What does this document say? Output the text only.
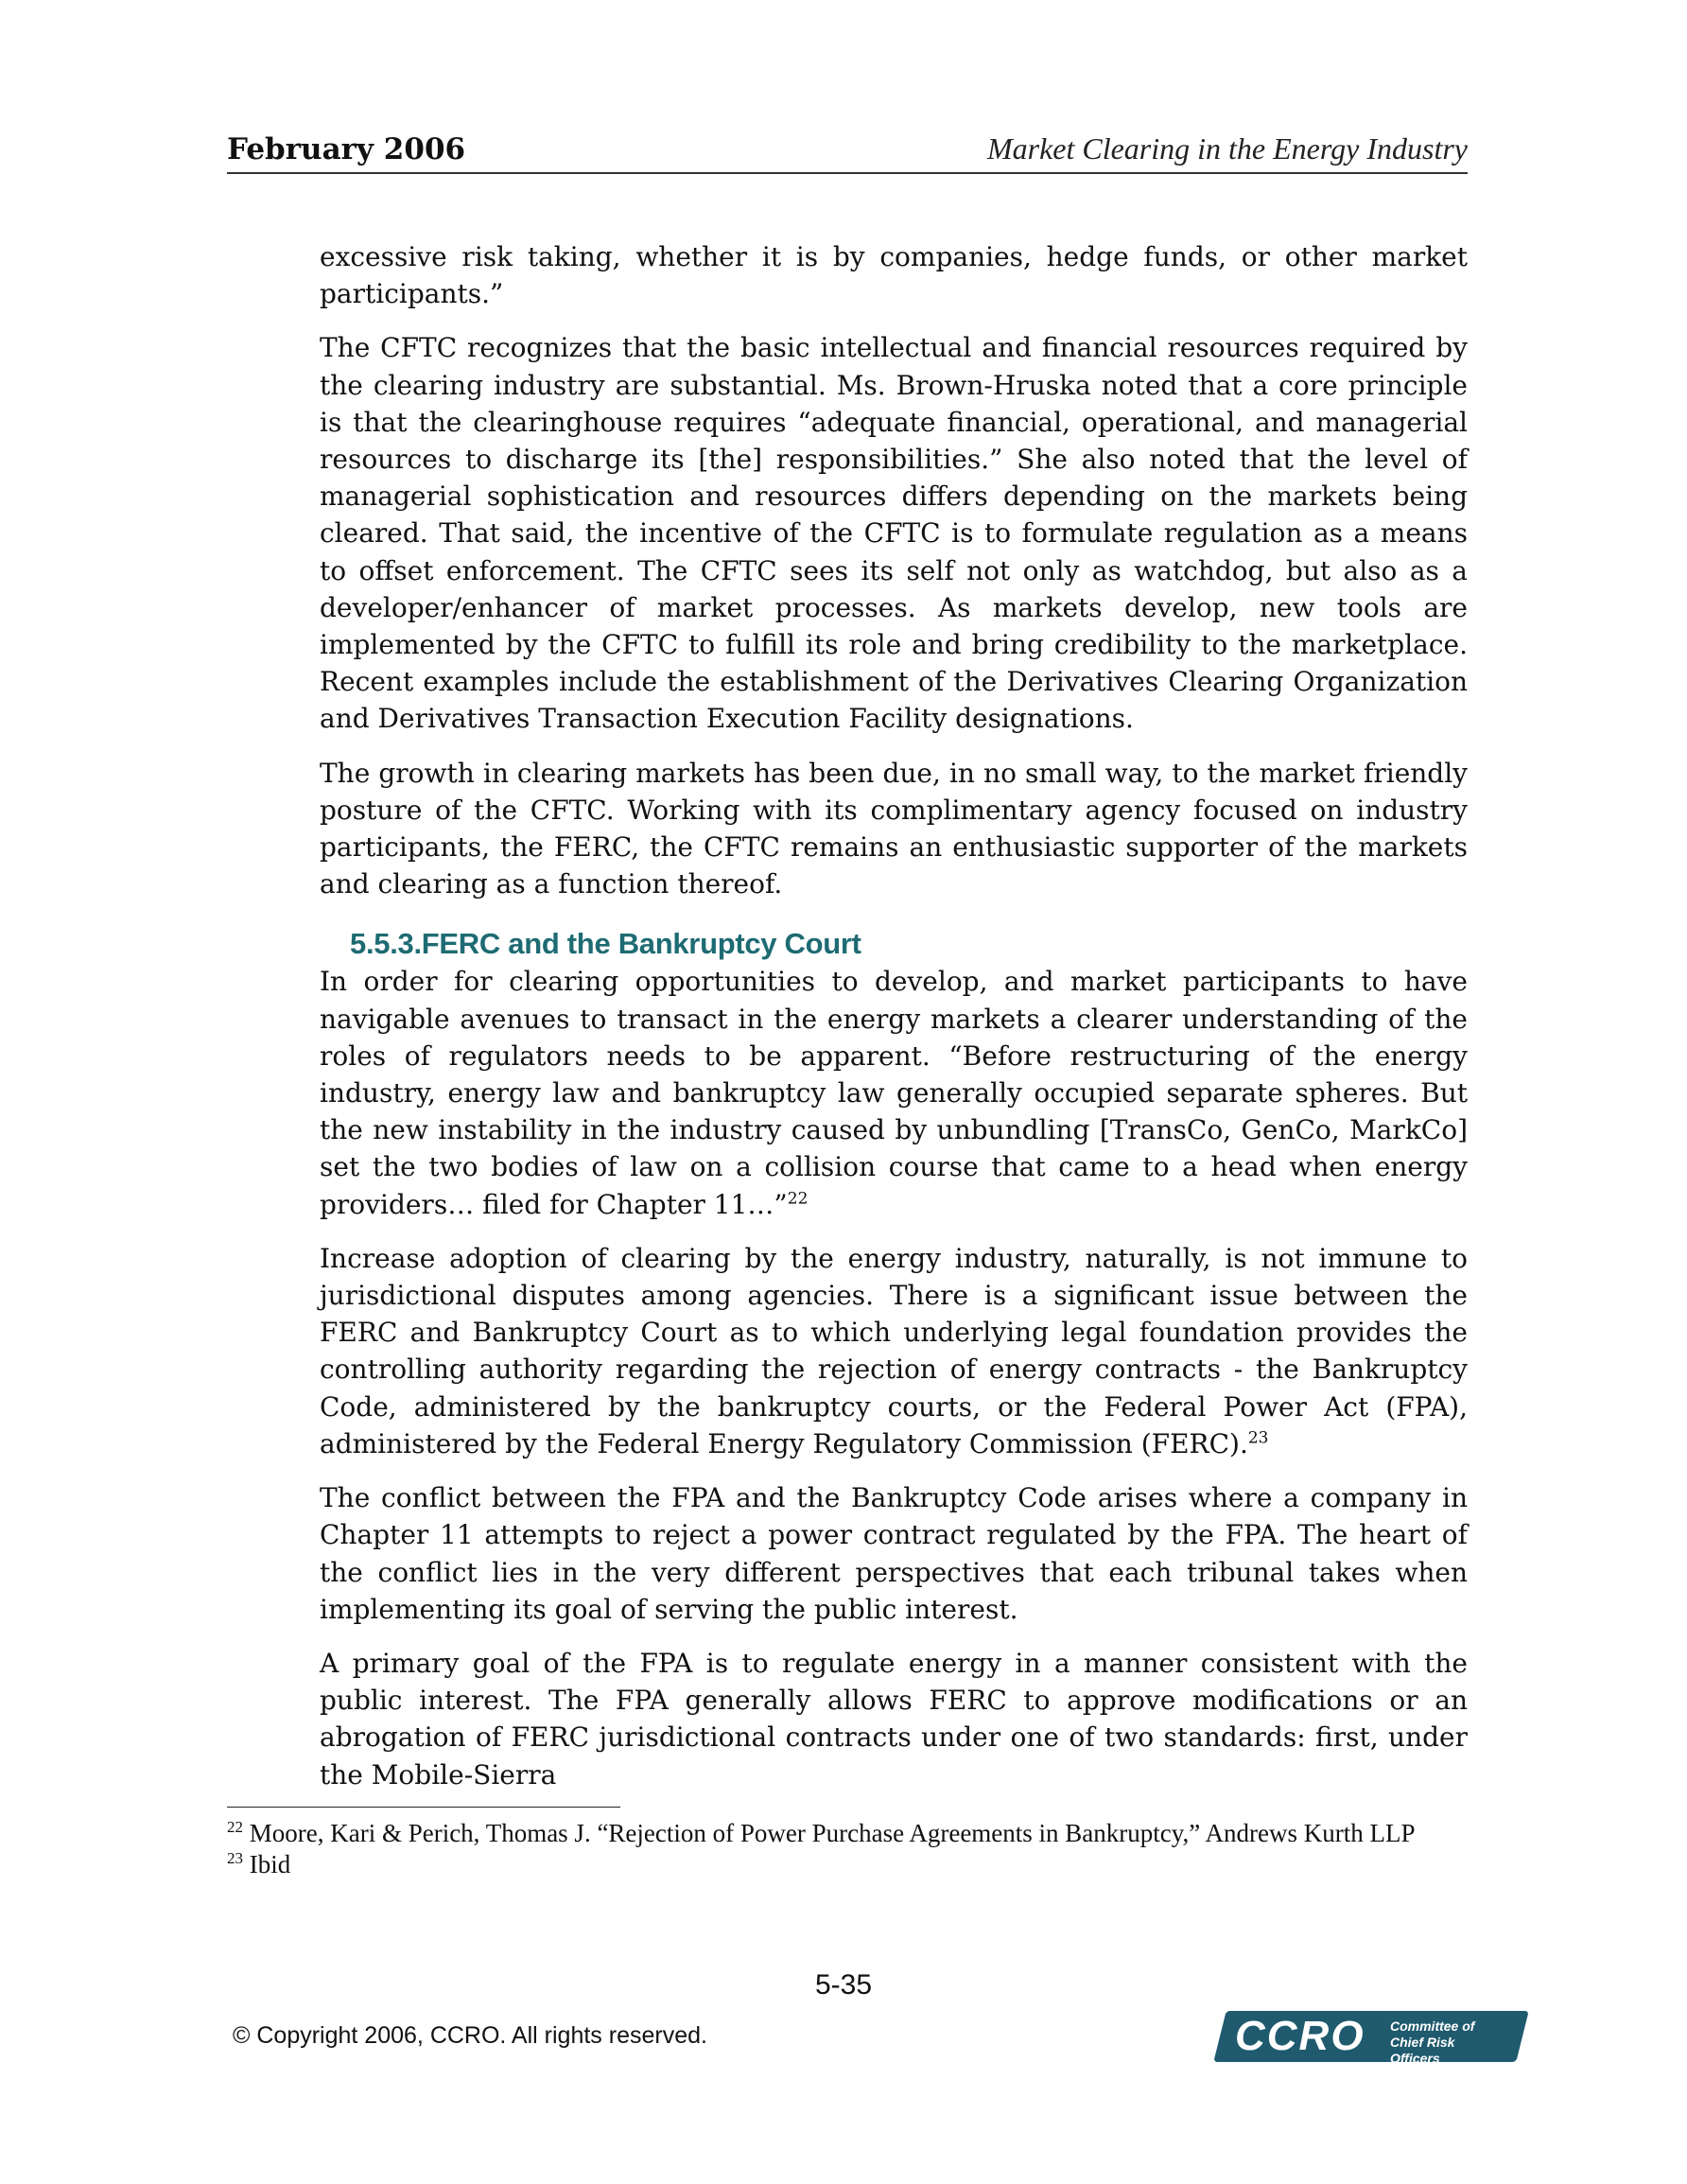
February 2006	Market Clearing in the Energy Industry

excessive risk taking, whether it is by companies, hedge funds, or other market participants.”

The CFTC recognizes that the basic intellectual and financial resources required by the clearing industry are substantial. Ms. Brown-Hruska noted that a core principle is that the clearinghouse requires “adequate financial, operational, and managerial resources to discharge its [the] responsibilities.” She also noted that the level of managerial sophistication and resources differs depending on the markets being cleared. That said, the incentive of the CFTC is to formulate regulation as a means to offset enforcement. The CFTC sees its self not only as watchdog, but also as a developer/enhancer of market processes. As markets develop, new tools are implemented by the CFTC to fulfill its role and bring credibility to the marketplace. Recent examples include the establishment of the Derivatives Clearing Organization and Derivatives Transaction Execution Facility designations.

The growth in clearing markets has been due, in no small way, to the market friendly posture of the CFTC. Working with its complimentary agency focused on industry participants, the FERC, the CFTC remains an enthusiastic supporter of the markets and clearing as a function thereof.

5.5.3.FERC and the Bankruptcy Court

In order for clearing opportunities to develop, and market participants to have navigable avenues to transact in the energy markets a clearer understanding of the roles of regulators needs to be apparent. “Before restructuring of the energy industry, energy law and bankruptcy law generally occupied separate spheres. But the new instability in the industry caused by unbundling [TransCo, GenCo, MarkCo] set the two bodies of law on a collision course that came to a head when energy providers… filed for Chapter 11…”$^{22}$

Increase adoption of clearing by the energy industry, naturally, is not immune to jurisdictional disputes among agencies. There is a significant issue between the FERC and Bankruptcy Court as to which underlying legal foundation provides the controlling authority regarding the rejection of energy contracts - the Bankruptcy Code, administered by the bankruptcy courts, or the Federal Power Act (FPA), administered by the Federal Energy Regulatory Commission (FERC).$^{23}$

The conflict between the FPA and the Bankruptcy Code arises where a company in Chapter 11 attempts to reject a power contract regulated by the FPA. The heart of the conflict lies in the very different perspectives that each tribunal takes when implementing its goal of serving the public interest.

A primary goal of the FPA is to regulate energy in a manner consistent with the public interest. The FPA generally allows FERC to approve modifications or an abrogation of FERC jurisdictional contracts under one of two standards: first, under the Mobile-Sierra

$^{22}$ Moore, Kari & Perich, Thomas J. “Rejection of Power Purchase Agreements in Bankruptcy,” Andrews Kurth LLP
$^{23}$ Ibid
5-35
© Copyright 2006, CCRO. All rights reserved.	CCRO Committee of
Chief Risk Officers
